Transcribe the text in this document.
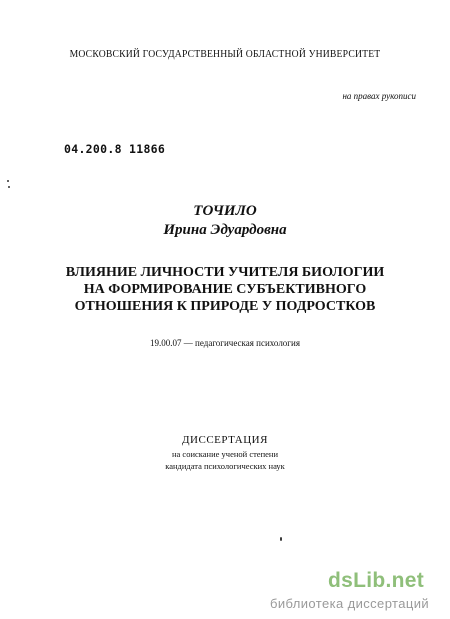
МОСКОВСКИЙ ГОСУДАРСТВЕННЫЙ ОБЛАСТНОЙ УНИВЕРСИТЕТ
на правах рукописи
04.200.8 11866
ТОЧИЛО
Ирина Эдуардовна
ВЛИЯНИЕ ЛИЧНОСТИ УЧИТЕЛЯ БИОЛОГИИ
НА ФОРМИРОВАНИЕ СУБЪЕКТИВНОГО
ОТНОШЕНИЯ К ПРИРОДЕ У ПОДРОСТКОВ
19.00.07 — педагогическая психология
ДИССЕРТАЦИЯ
на соискание ученой степени
кандидата психологических наук
dsLib.net
библиотека диссертаций
